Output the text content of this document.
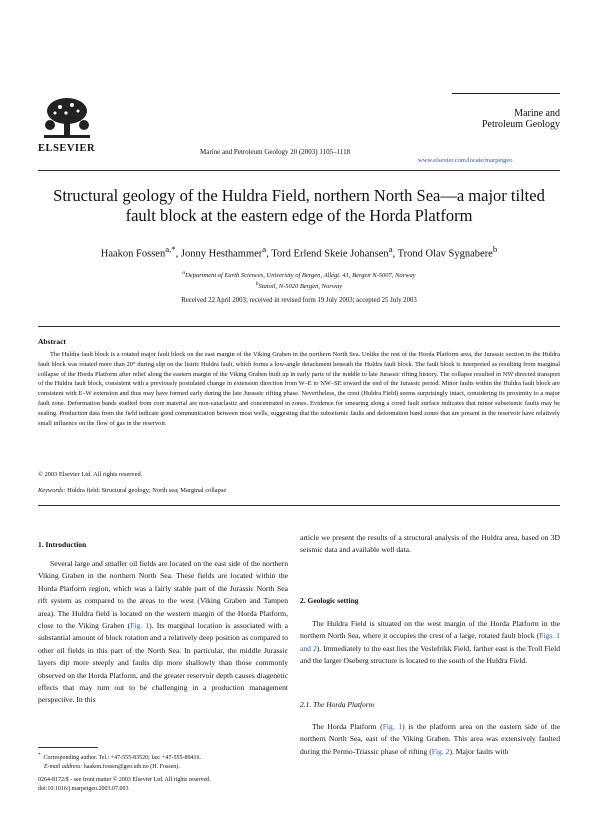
ELSEVIER	Marine and Petroleum Geology 20 (2003) 1105–1118
Marine and
Petroleum Geology
www.elsevier.com/locate/marpetgeo
Structural geology of the Huldra Field, northern North Sea—a major tilted fault block at the eastern edge of the Horda Platform
Haakon Fossen$^{a,*}$, Jonny Hesthammer$^a$, Tord Erlend Skeie Johansen$^a$, Trond Olav Sygnabere$^b$
$^a$Department of Earth Sciences, University of Bergen, Allégt. 41, Bergen N-5007, Norway
$^b$Statoil, N-5020 Bergen, Norway
Received 22 April 2003; received in revised form 19 July 2003; accepted 25 July 2003
Abstract
The Huldra fault block is a rotated major fault block on the east margin of the Viking Graben in the northern North Sea. Unlike the rest of the Horda Platform area, the Jurassic section in the Huldra fault block was rotated more than 20° during slip on the listric Huldra fault, which forms a low-angle detachment beneath the Huldra fault block. The fault block is interpreted as resulting from marginal collapse of the Horda Platform after relief along the eastern margin of the Viking Graben built up in early parts of the middle to late Jurassic rifting history. The collapse resulted in NW directed transport of the Huldra fault block, consistent with a previously postulated change in extension direction from W–E to NW–SE toward the end of the Jurassic period. Minor faults within the Huldra fault block are consistent with E–W extension and thus may have formed early during the late Jurassic rifting phase. Nevertheless, the crest (Huldra Field) seems surprisingly intact, considering its proximity to a major fault zone. Deformation bands studied from core material are non-cataclastic and concentrated in zones. Evidence for smearing along a cored fault surface indicates that minor subseismic faults may be sealing. Production data from the field indicate good communication between most wells, suggesting that the subseismic faults and deformation band zones that are present in the reservoir have relatively small influence on the flow of gas in the reservoir.
© 2003 Elsevier Ltd. All rights reserved.
Keywords: Huldra field; Structural geology; North sea; Marginal collapse
1. Introduction
Several large and smaller oil fields are located on the east side of the northern Viking Graben in the northern North Sea. These fields are located within the Horda Platform region, which was a fairly stable part of the Jurassic North Sea rift system as compared to the areas to the west (Viking Graben and Tampen area). The Huldra field is located on the western margin of the Horda Platform, close to the Viking Graben (Fig. 1). Its marginal location is associated with a substantial amount of block rotation and a relatively deep position as compared to other oil fields in this part of the North Sea. In particular, the middle Jurassic layers dip more steeply and faults dip more shallowly than those commonly observed on the Horda Platform, and the greater reservoir depth causes diagenetic effects that may turn out to be challenging in a production management perspective. In this
article we present the results of a structural analysis of the Huldra area, based on 3D seismic data and available well data.
2. Geologic setting
The Huldra Field is situated on the west margin of the Horda Platform in the northern North Sea, where it occupies the crest of a large, rotated fault block (Figs. 1 and 2). Immediately to the east lies the Veslefrikk Field, farther east is the Troll Field and the larger Oseberg structure is located to the south of the Huldra Field.
2.1. The Horda Platform
The Horda Platform (Fig. 1) is the platform area on the eastern side of the northern North Sea, east of the Viking Graben. This area was extensively faulted during the Permo-Triassic phase of rifting (Fig. 2). Major faults with
* Corresponding author. Tel.: +47-555-83520; fax: +47-555-89416.
E-mail address: haakon.fossen@geo.uib.no (H. Fossen).
0264-8172/$ - see front matter © 2003 Elsevier Ltd. All rights reserved.
doi:10.1016/j.marpetgeo.2003.07.003
